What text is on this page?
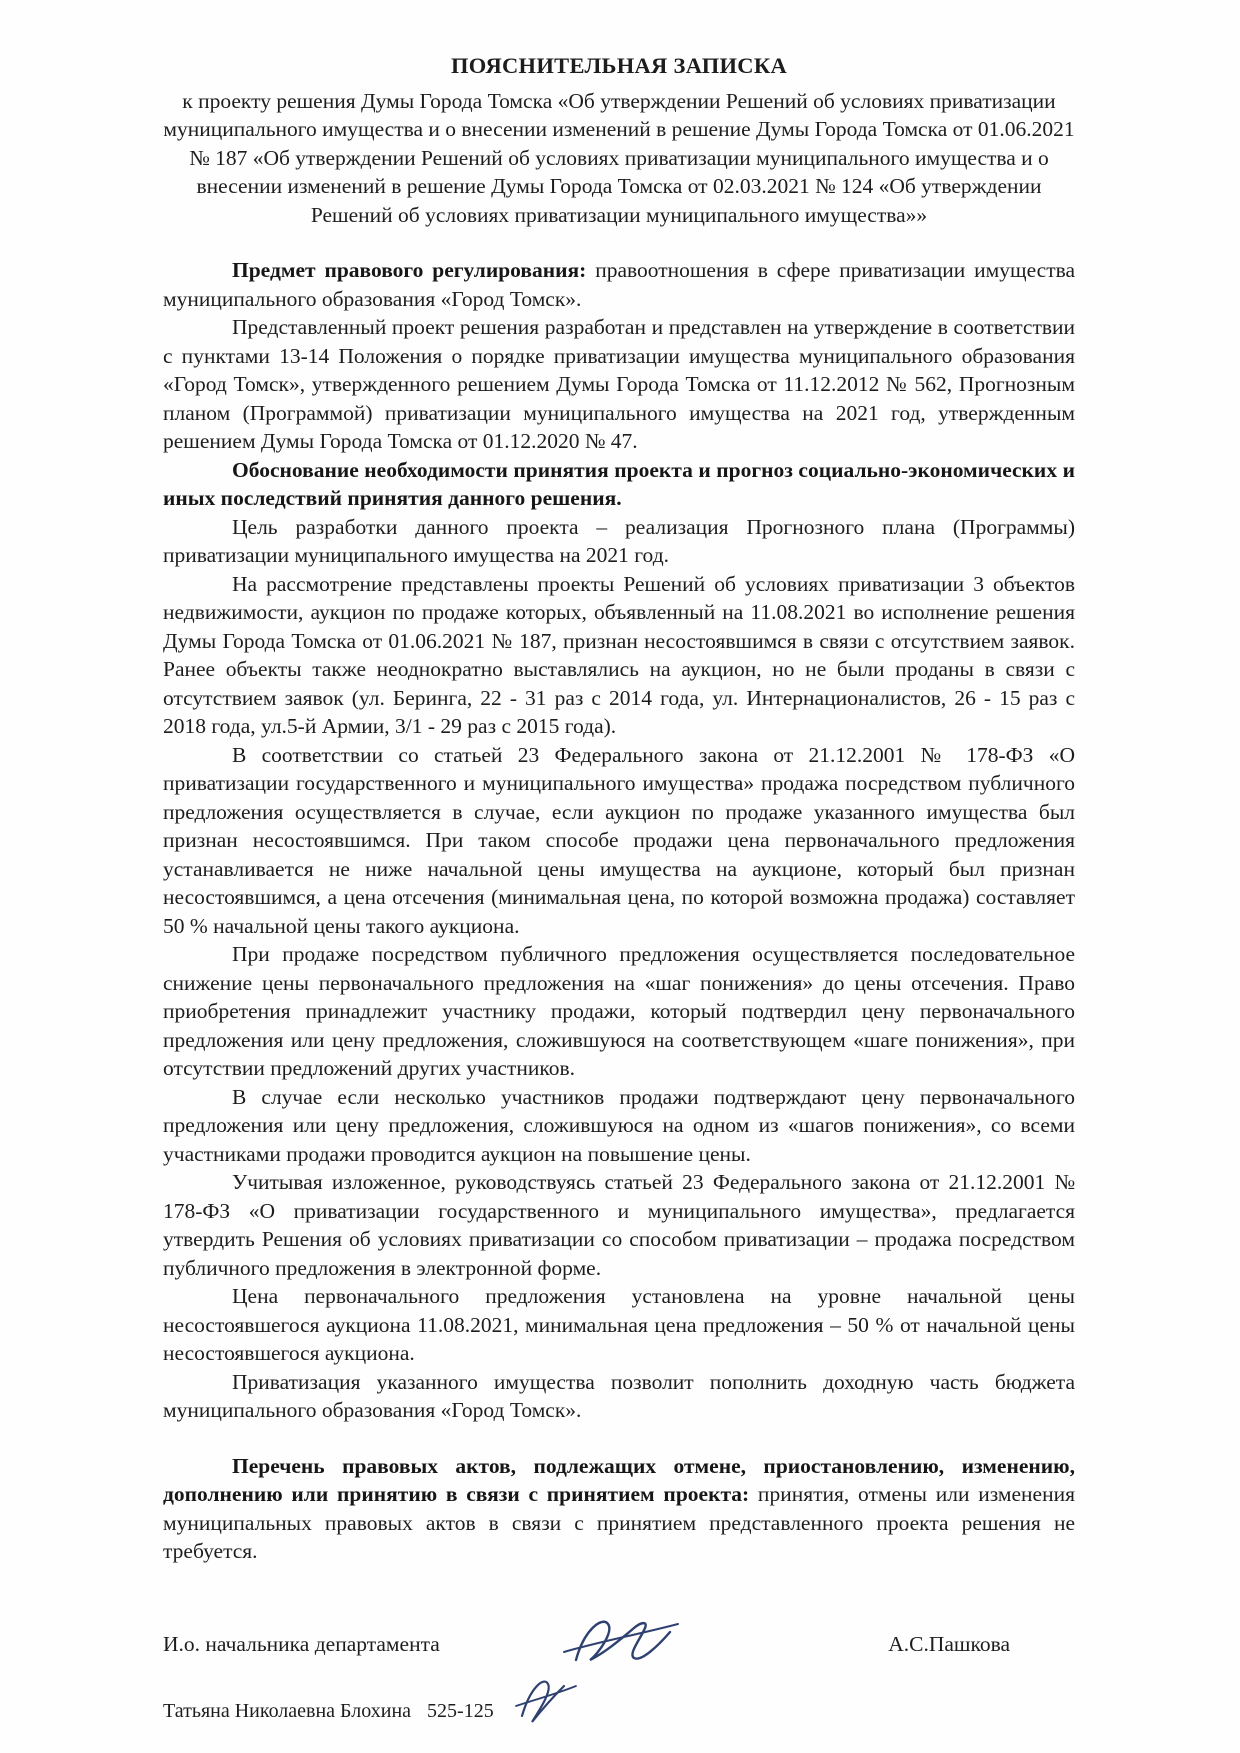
ПОЯСНИТЕЛЬНАЯ ЗАПИСКА

к проекту решения Думы Города Томска «Об утверждении Решений об условиях приватизации муниципального имущества и о внесении изменений в решение Думы Города Томска от 01.06.2021 № 187 «Об утверждении Решений об условиях приватизации муниципального имущества и о внесении изменений в решение Думы Города Томска от 02.03.2021 № 124 «Об утверждении Решений об условиях приватизации муниципального имущества»»

Предмет правового регулирования: правоотношения в сфере приватизации имущества муниципального образования «Город Томск».

Представленный проект решения разработан и представлен на утверждение в соответствии с пунктами 13-14 Положения о порядке приватизации имущества муниципального образования «Город Томск», утвержденного решением Думы Города Томска от 11.12.2012 № 562, Прогнозным планом (Программой) приватизации муниципального имущества на 2021 год, утвержденным решением Думы Города Томска от 01.12.2020 № 47.

Обоснование необходимости принятия проекта и прогноз социально-экономических и иных последствий принятия данного решения.

Цель разработки данного проекта – реализация Прогнозного плана (Программы) приватизации муниципального имущества на 2021 год.

На рассмотрение представлены проекты Решений об условиях приватизации 3 объектов недвижимости, аукцион по продаже которых, объявленный на 11.08.2021 во исполнение решения Думы Города Томска от 01.06.2021 № 187, признан несостоявшимся в связи с отсутствием заявок. Ранее объекты также неоднократно выставлялись на аукцион, но не были проданы в связи с отсутствием заявок (ул. Беринга, 22 - 31 раз с 2014 года, ул. Интернационалистов, 26 - 15 раз с 2018 года, ул.5-й Армии, 3/1 - 29 раз с 2015 года).

В соответствии со статьей 23 Федерального закона от 21.12.2001 № 178-ФЗ «О приватизации государственного и муниципального имущества» продажа посредством публичного предложения осуществляется в случае, если аукцион по продаже указанного имущества был признан несостоявшимся. При таком способе продажи цена первоначального предложения устанавливается не ниже начальной цены имущества на аукционе, который был признан несостоявшимся, а цена отсечения (минимальная цена, по которой возможна продажа) составляет 50 % начальной цены такого аукциона.

При продаже посредством публичного предложения осуществляется последовательное снижение цены первоначального предложения на «шаг понижения» до цены отсечения. Право приобретения принадлежит участнику продажи, который подтвердил цену первоначального предложения или цену предложения, сложившуюся на соответствующем «шаге понижения», при отсутствии предложений других участников.

В случае если несколько участников продажи подтверждают цену первоначального предложения или цену предложения, сложившуюся на одном из «шагов понижения», со всеми участниками продажи проводится аукцион на повышение цены.

Учитывая изложенное, руководствуясь статьей 23 Федерального закона от 21.12.2001 № 178-ФЗ «О приватизации государственного и муниципального имущества», предлагается утвердить Решения об условиях приватизации со способом приватизации – продажа посредством публичного предложения в электронной форме.

Цена первоначального предложения установлена на уровне начальной цены несостоявшегося аукциона 11.08.2021, минимальная цена предложения – 50 % от начальной цены несостоявшегося аукциона.

Приватизация указанного имущества позволит пополнить доходную часть бюджета муниципального образования «Город Томск».

Перечень правовых актов, подлежащих отмене, приостановлению, изменению, дополнению или принятию в связи с принятием проекта: принятия, отмены или изменения муниципальных правовых актов в связи с принятием представленного проекта решения не требуется.

И.о. начальника департамента	А.С.Пашкова
Татьяна Николаевна Блохина 525-125
